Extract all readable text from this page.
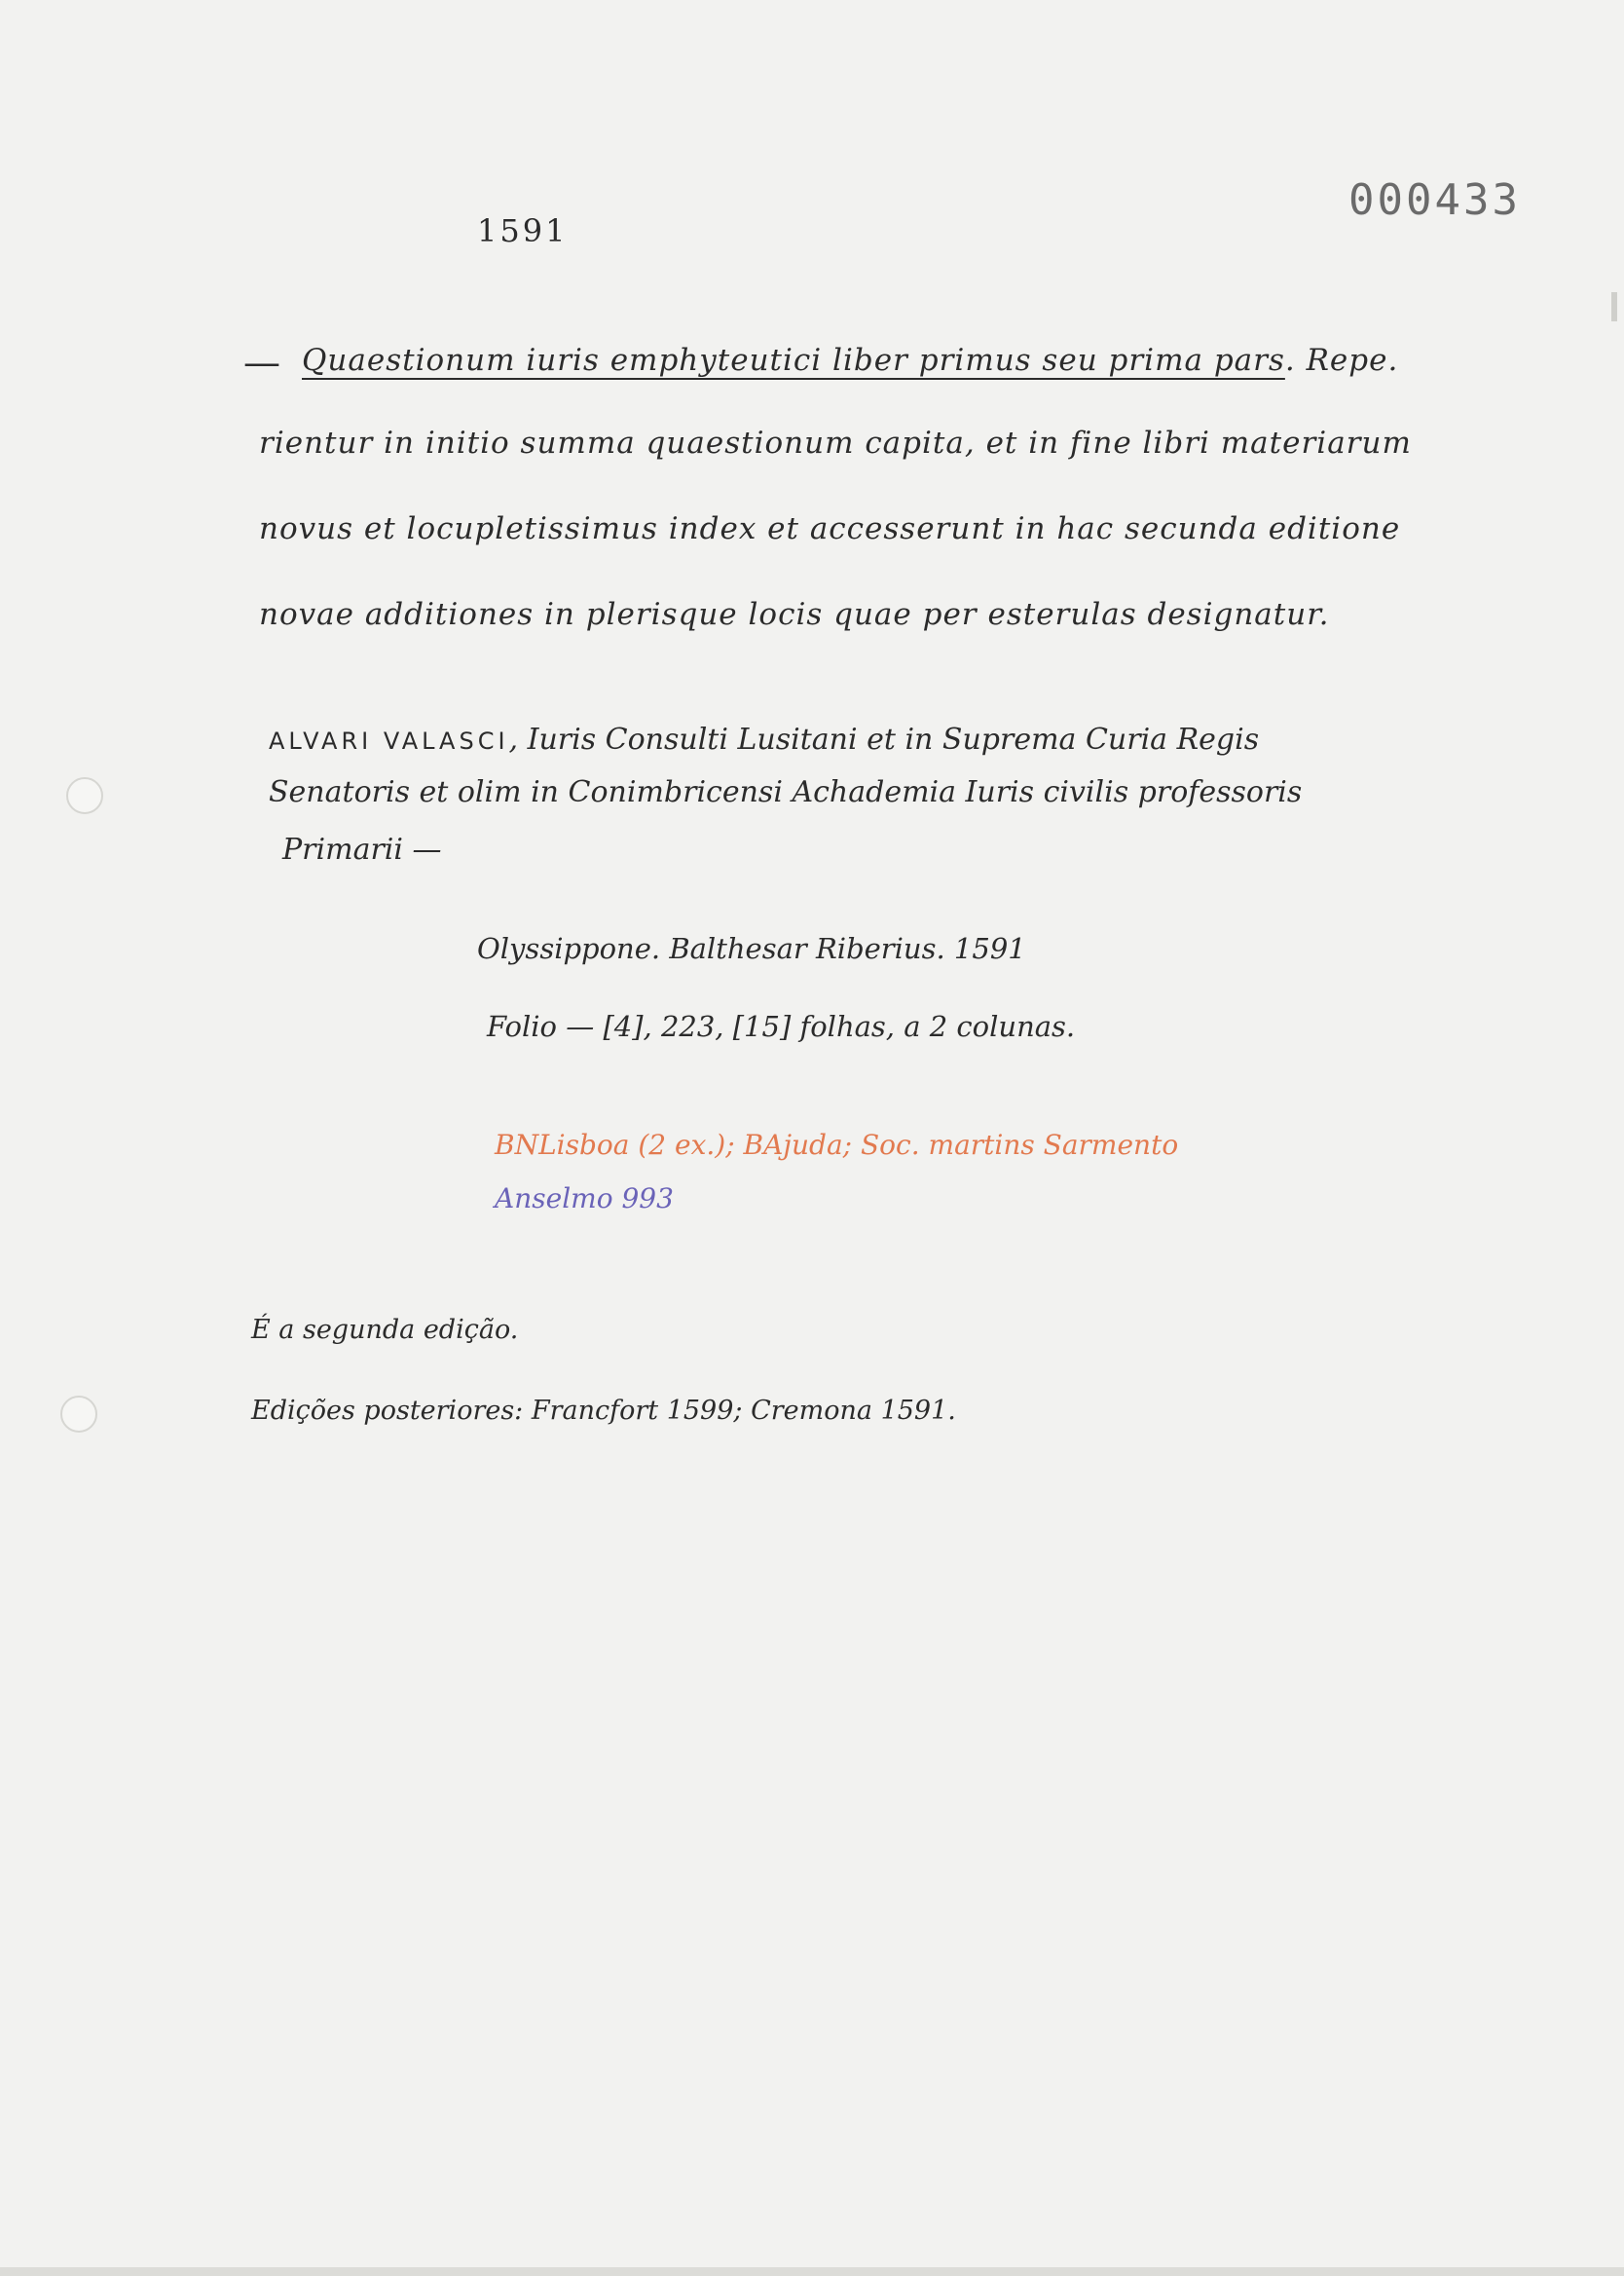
000433
1591
— Quaestionum iuris emphyteutici liber primus seu prima pars. Repe.
rientur in initio summa quaestionum capita, et in fine libri materiarum
novus et locupletissimus index et accesserunt in hac secunda editione
novae additiones in plerisque locis quae per esterulas designatur.
ALVARI VALASCI, Iuris Consulti Lusitani et in Suprema Curia Regis
Senatoris et olim in Conimbricensi Achademia Iuris civilis professoris
Primarii —
Olyssippone. Balthesar Riberius. 1591
Folio — [4], 223, [15] folhas, a 2 colunas.
BNLisboa (2 ex.); BAjuda; Soc. martins Sarmento
Anselmo 993
É a segunda edição.
Edições posteriores: Francfort 1599; Cremona 1591.
